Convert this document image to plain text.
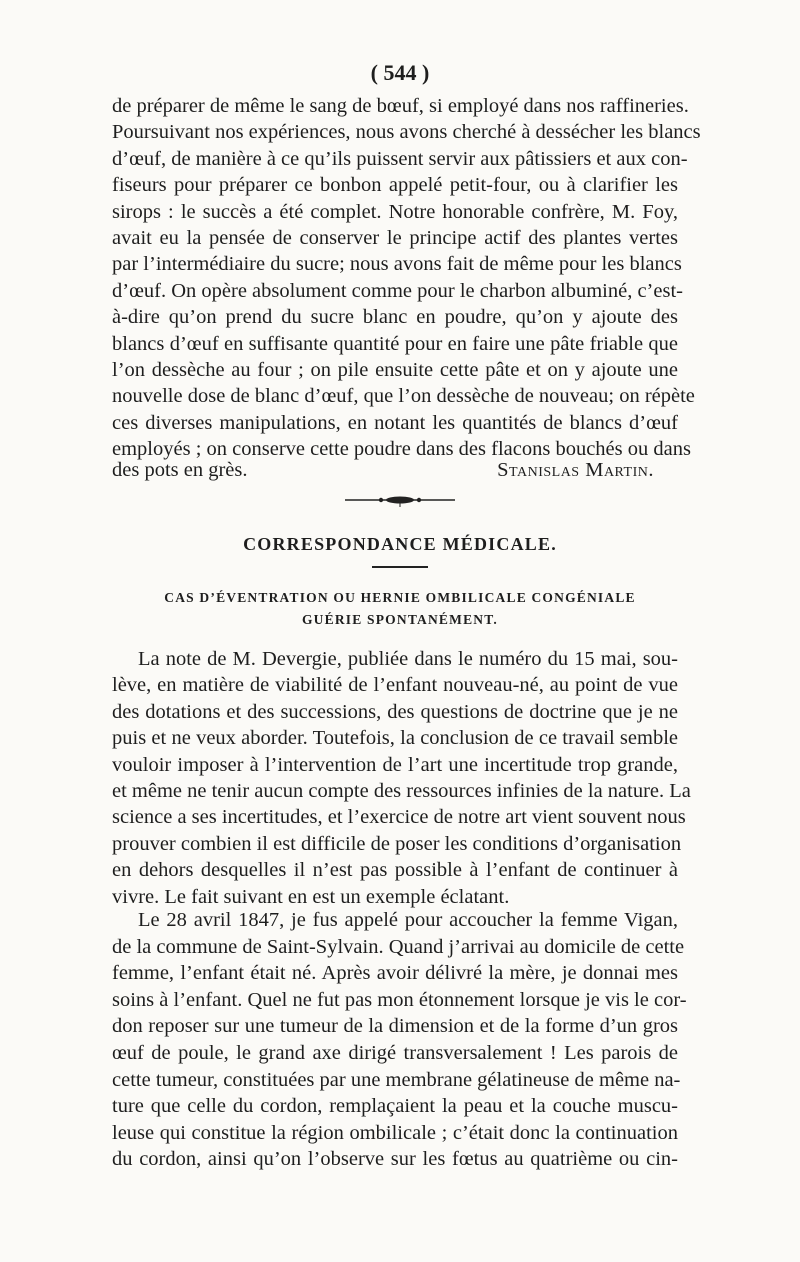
( 544 )
de préparer de même le sang de bœuf, si employé dans nos raffineries.
Poursuivant nos expériences, nous avons cherché à dessécher les blancs
d’œuf, de manière à ce qu’ils puissent servir aux pâtissiers et aux con-
fiseurs pour préparer ce bonbon appelé petit-four, ou à clarifier les
sirops : le succès a été complet. Notre honorable confrère, M. Foy,
avait eu la pensée de conserver le principe actif des plantes vertes
par l’intermédiaire du sucre; nous avons fait de même pour les blancs
d’œuf. On opère absolument comme pour le charbon albuminé, c’est-
à-dire qu’on prend du sucre blanc en poudre, qu’on y ajoute des
blancs d’œuf en suffisante quantité pour en faire une pâte friable que
l’on dessèche au four ; on pile ensuite cette pâte et on y ajoute une
nouvelle dose de blanc d’œuf, que l’on dessèche de nouveau; on répète
ces diverses manipulations, en notant les quantités de blancs d’œuf
employés ; on conserve cette poudre dans des flacons bouchés ou dans
des pots en grès.	Stanislas Martin.
CORRESPONDANCE MÉDICALE.
CAS D’ÉVENTRATION OU HERNIE OMBILICALE CONGÉNIALE
GUÉRIE SPONTANÉMENT.
La note de M. Devergie, publiée dans le numéro du 15 mai, sou-
lève, en matière de viabilité de l’enfant nouveau-né, au point de vue
des dotations et des successions, des questions de doctrine que je ne
puis et ne veux aborder. Toutefois, la conclusion de ce travail semble
vouloir imposer à l’intervention de l’art une incertitude trop grande,
et même ne tenir aucun compte des ressources infinies de la nature. La
science a ses incertitudes, et l’exercice de notre art vient souvent nous
prouver combien il est difficile de poser les conditions d’organisation
en dehors desquelles il n’est pas possible à l’enfant de continuer à
vivre. Le fait suivant en est un exemple éclatant.
Le 28 avril 1847, je fus appelé pour accoucher la femme Vigan,
de la commune de Saint-Sylvain. Quand j’arrivai au domicile de cette
femme, l’enfant était né. Après avoir délivré la mère, je donnai mes
soins à l’enfant. Quel ne fut pas mon étonnement lorsque je vis le cor-
don reposer sur une tumeur de la dimension et de la forme d’un gros
œuf de poule, le grand axe dirigé transversalement ! Les parois de
cette tumeur, constituées par une membrane gélatineuse de même na-
ture que celle du cordon, remplaçaient la peau et la couche muscu-
leuse qui constitue la région ombilicale ; c’était donc la continuation
du cordon, ainsi qu’on l’observe sur les fœtus au quatrième ou cin-
